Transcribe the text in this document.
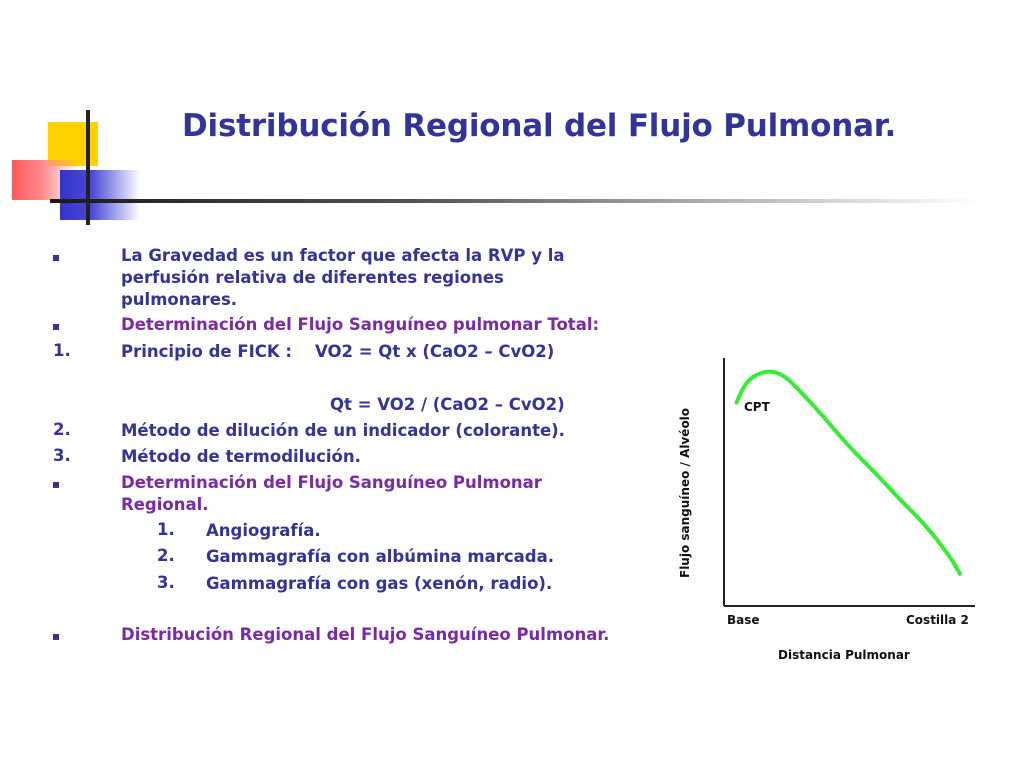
Distribución Regional del Flujo Pulmonar.
La Gravedad es un factor que afecta la RVP y la
perfusión relativa de diferentes regiones
pulmonares.
Determinación del Flujo Sanguíneo pulmonar Total:
1.	Principio de FICK :    VO2 = Qt x (CaO2 – CvO2)
Qt = VO2 / (CaO2 – CvO2)
2.	Método de dilución de un indicador (colorante).
3.	Método de termodilución.
Determinación del Flujo Sanguíneo Pulmonar
Regional.
1. Angiografía.
2. Gammagrafía con albúmina marcada.
3. Gammagrafía con gas (xenón, radio).
Distribución Regional del Flujo Sanguíneo Pulmonar.
Flujo sanguíneo / Alvéolo
CPT
Base	Costilla 2
Distancia Pulmonar
